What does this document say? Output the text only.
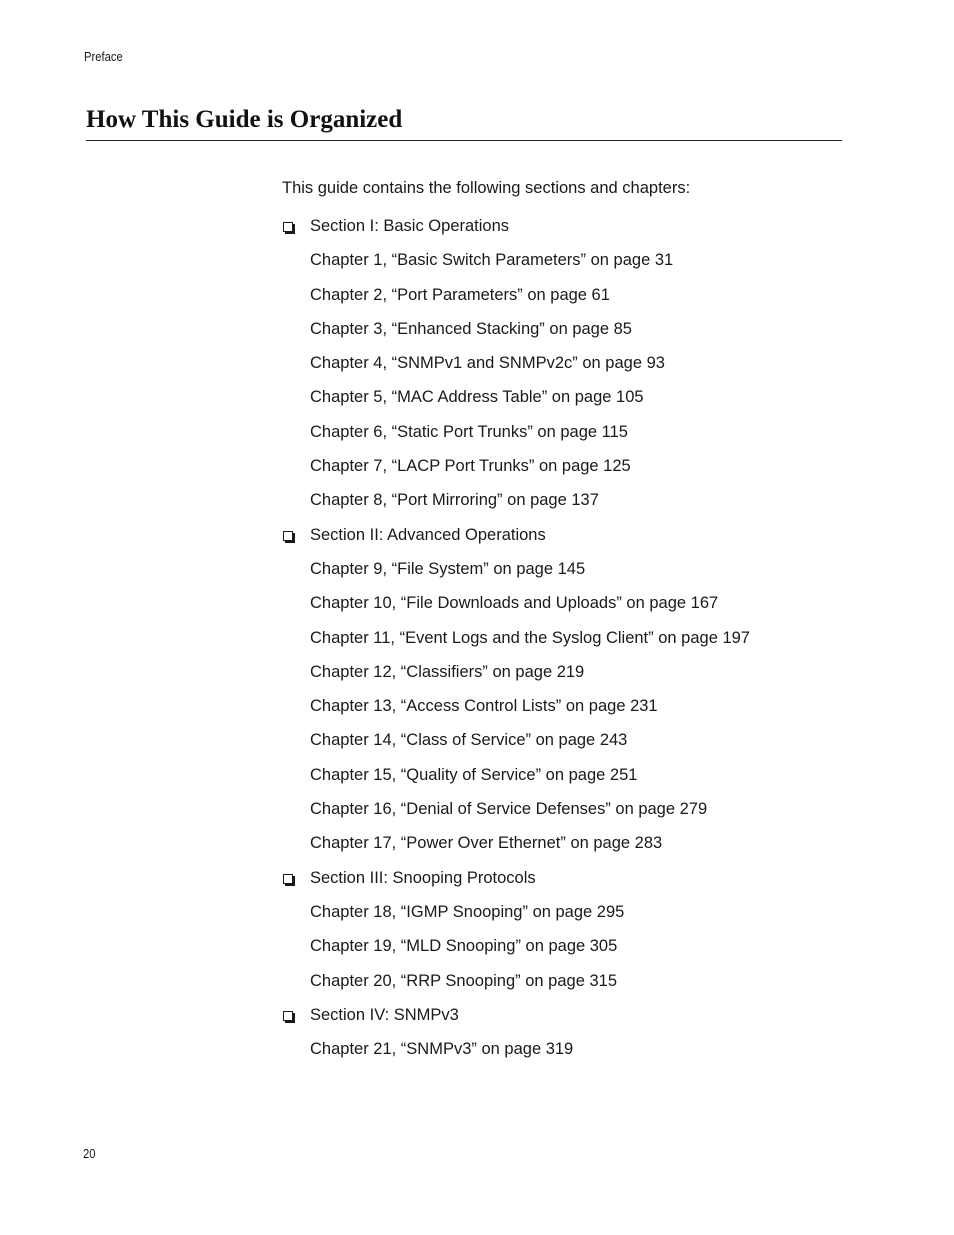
Preface
How This Guide is Organized
This guide contains the following sections and chapters:
Section I: Basic Operations
Chapter 1, “Basic Switch Parameters” on page 31
Chapter 2, “Port Parameters” on page 61
Chapter 3, “Enhanced Stacking” on page 85
Chapter 4, “SNMPv1 and SNMPv2c” on page 93
Chapter 5, “MAC Address Table” on page 105
Chapter 6, “Static Port Trunks” on page 115
Chapter 7, “LACP Port Trunks” on page 125
Chapter 8, “Port Mirroring” on page 137
Section II: Advanced Operations
Chapter 9, “File System” on page 145
Chapter 10, “File Downloads and Uploads” on page 167
Chapter 11, “Event Logs and the Syslog Client” on page 197
Chapter 12, “Classifiers” on page 219
Chapter 13, “Access Control Lists” on page 231
Chapter 14, “Class of Service” on page 243
Chapter 15, “Quality of Service” on page 251
Chapter 16, “Denial of Service Defenses” on page 279
Chapter 17, “Power Over Ethernet” on page 283
Section III: Snooping Protocols
Chapter 18, “IGMP Snooping” on page 295
Chapter 19, “MLD Snooping” on page 305
Chapter 20, “RRP Snooping” on page 315
Section IV: SNMPv3
Chapter 21, “SNMPv3” on page 319
20
